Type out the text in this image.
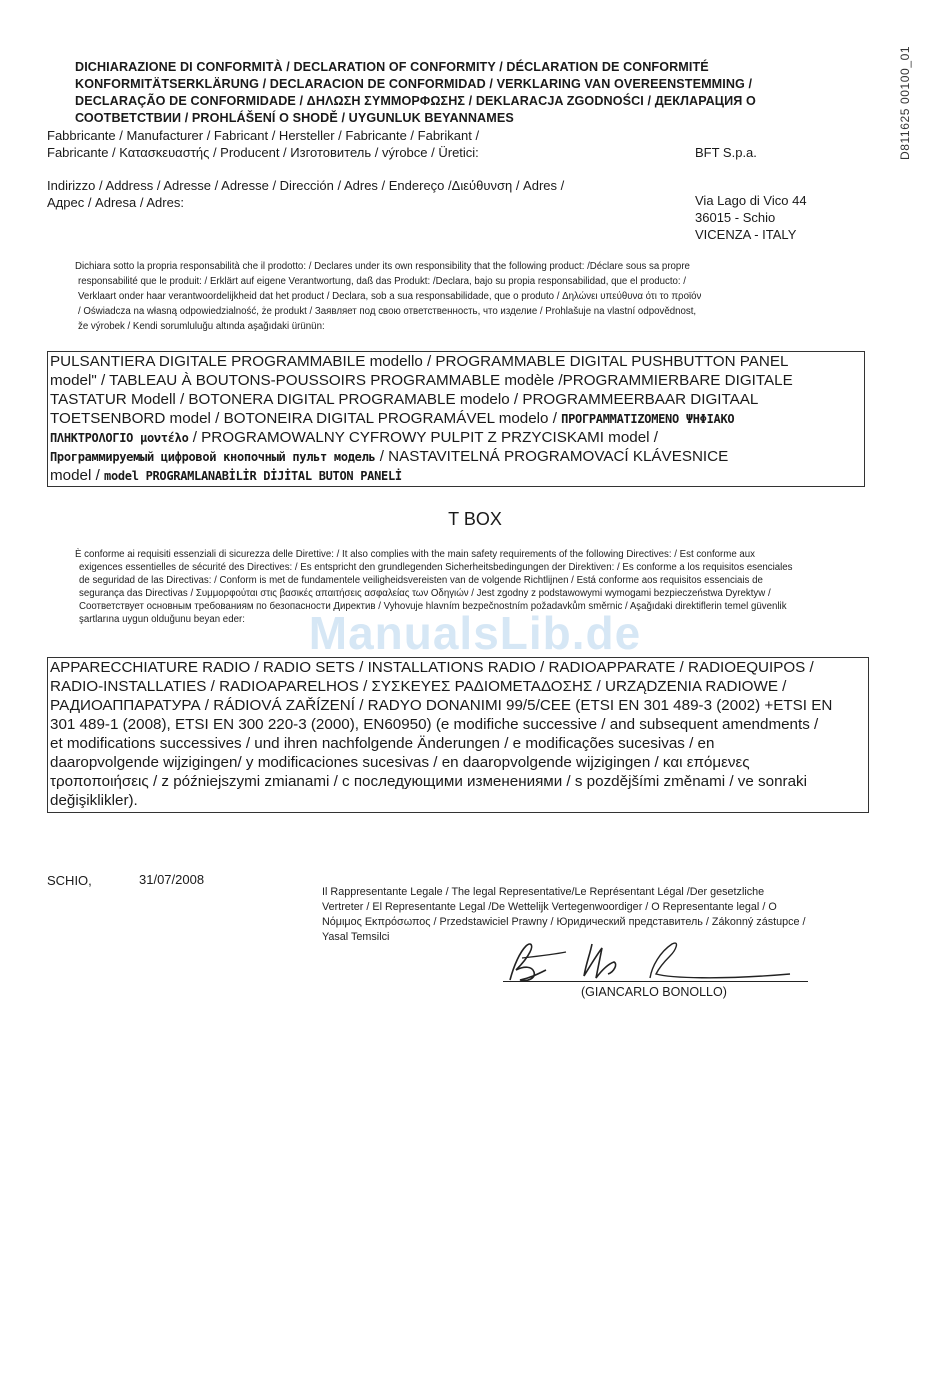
D811625 00100_01
DICHIARAZIONE DI CONFORMITÀ / DECLARATION OF CONFORMITY / DÉCLARATION DE CONFORMITÉ
KONFORMITÄTSERKLÄRUNG / DECLARACION DE CONFORMIDAD / VERKLARING VAN OVEREENSTEMMING /
DECLARAÇÃO DE CONFORMIDADE / ΔΗΛΩΣΗ ΣΥΜΜΟΡΦΩΣΗΣ / DEKLARACJA ZGODNOŚCI / ДЕКЛАРАЦИЯ О
СООТВЕТСТВИИ / PROHLÁŠENÍ O SHODĚ / UYGUNLUK BEYANNAMES
Fabbricante / Manufacturer / Fabricant / Hersteller / Fabricante / Fabrikant /
Fabricante / Κατασκευαστής / Producent / Изготовитель / výrobce / Üretici:	BFT S.p.a.
Indirizzo / Address / Adresse / Adresse / Dirección / Adres / Endereço /Διεύθυνση / Adres /
Адрес / Adresa / Adres:	Via Lago di Vico 44
36015 - Schio
VICENZA - ITALY
Dichiara sotto la propria responsabilità che il prodotto: / Declares under its own responsibility that the following product: /Déclare sous sa propre
responsabilité que le produit: / Erklärt auf eigene Verantwortung, daß das Produkt: /Declara, bajo su propia responsabilidad, que el producto: /
Verklaart onder haar verantwoordelijkheid dat het product / Declara, sob a sua responsabilidade, que o produto / Δηλώνει υπεύθυνα ότι το προϊόν
/ Oświadcza na własną odpowiedzialność, że produkt / Заявляет под свою ответственность, что изделие / Prohlašuje na vlastní odpovědnost,
že výrobek / Kendi sorumluluğu altında aşağıdaki ürünün:
PULSANTIERA DIGITALE PROGRAMMABILE modello / PROGRAMMABLE DIGITAL PUSHBUTTON PANEL
model" / TABLEAU À BOUTONS-POUSSOIRS PROGRAMMABLE modèle /PROGRAMMIERBARE DIGITALE
TASTATUR Modell / BOTONERA DIGITAL PROGRAMABLE modelo / PROGRAMMEERBAAR DIGITAAL
TOETSENBORD model / BOTONEIRA DIGITAL PROGRAMÁVEL modelo / ΠΡΟΓΡΑΜΜΑΤΙΖΟΜΕΝΟ ΨΗΦΙΑΚΟ
ΠΛΗΚΤΡΟΛΟΓΙΟ μοντέλο / PROGRAMOWALNY CYFROWY PULPIT Z PRZYCISKAMI model /
Программируемый цифровой кнопочный пульт модель / NASTAVITELNÁ PROGRAMOVACÍ KLÁVESNICE
model / model PROGRAMLANABİLİR DİJİTAL BUTON PANELİ
T BOX
È conforme ai requisiti essenziali di sicurezza delle Direttive: / It also complies with the main safety requirements of the following Directives: / Est conforme aux
exigences essentielles de sécurité des Directives: / Es entspricht den grundlegenden Sicherheitsbedingungen der Direktiven: / Es conforme a los requisitos esenciales
de seguridad de las Directivas: / Conform is met de fundamentele veiligheidsvereisten van de volgende Richtlijnen / Está conforme aos requisitos essenciais de
segurança das Directivas / Συμμορφούται στις βασικές απαιτήσεις ασφαλείας των Οδηγιών / Jest zgodny z podstawowymi wymogami bezpieczeństwa Dyrektyw /
Соответствует основным требованиям по безопасности Директив / Vyhovuje hlavním bezpečnostním požadavkům směrnic / Aşağıdaki direktiflerin temel güvenlik
şartlarına uygun olduğunu beyan eder:	ManualsLib.de
APPARECCHIATURE RADIO / RADIO SETS / INSTALLATIONS RADIO / RADIOAPPARATE / RADIOEQUIPOS /
RADIO-INSTALLATIES / RADIOAPARELHOS / ΣΥΣΚΕΥΕΣ ΡΑΔΙΟΜΕΤΑΔΟΣΗΣ / URZĄDZENIA RADIOWE /
РАДИОАППАРАТУРА / RÁDIOVÁ ZAŘÍZENÍ / RADYO DONANIMI 99/5/CEE (ETSI EN 301 489-3 (2002) +ETSI EN
301 489-1 (2008), ETSI EN 300 220-3 (2000), EN60950) (e modifiche successive / and subsequent amendments /
et modifications successives / und ihren nachfolgende Änderungen / e modificações sucesivas / en
daaropvolgende wijzigingen/ y modificaciones sucesivas / en daaropvolgende wijzigingen / και επόμενες
τροποποιήσεις / z późniejszymi zmianami / с последующими изменениями / s pozdějšími změnami / ve sonraki
değişiklikler).
SCHIO,	31/07/2008
Il Rappresentante Legale / The legal Representative/Le Représentant Légal /Der gesetzliche
Vertreter / El Representante Legal /De Wettelijk Vertegenwoordiger / O Representante legal / O
Νόμιμος Εκπρόσωπος / Przedstawiciel Prawny / Юридический представитель / Zákonný zástupce /
Yasal Temsilci
(GIANCARLO BONOLLO)
